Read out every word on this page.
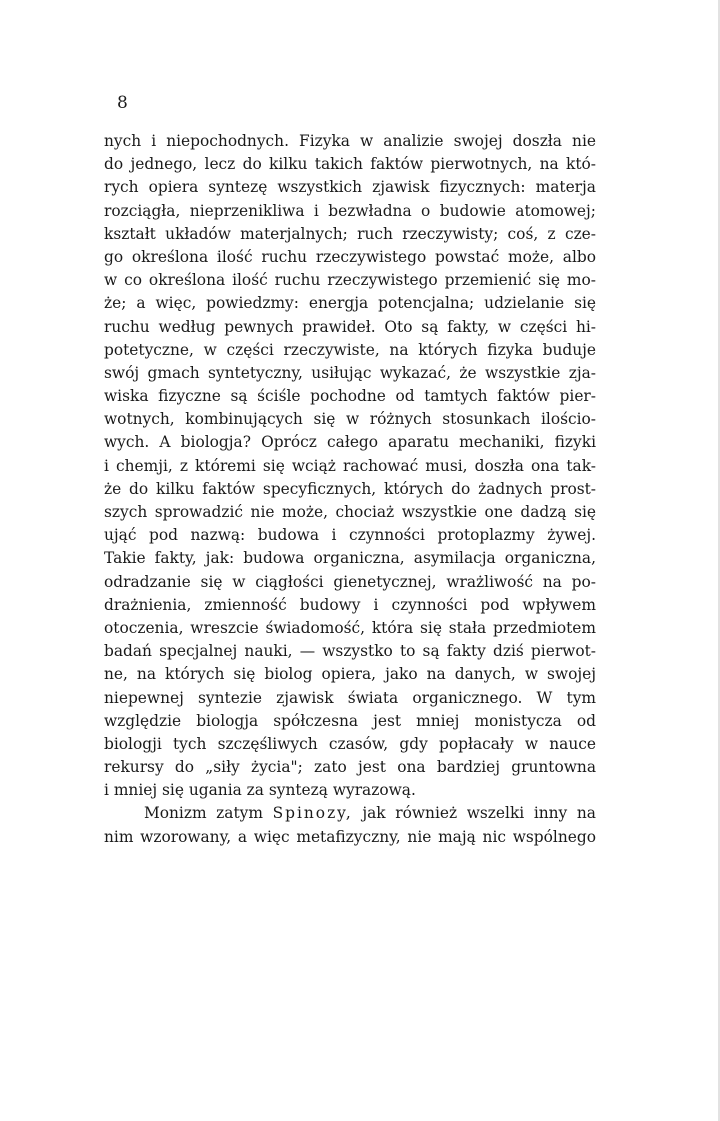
8
nych i niepochodnych. Fizyka w analizie swojej doszła nie
do jednego, lecz do kilku takich faktów pierwotnych, na któ-
rych opiera syntezę wszystkich zjawisk fizycznych: materja
rozciągła, nieprzenikliwa i bezwładna o budowie atomowej;
kształt układów materjalnych; ruch rzeczywisty; coś, z cze-
go określona ilość ruchu rzeczywistego powstać może, albo
w co określona ilość ruchu rzeczywistego przemienić się mo-
że; a więc, powiedzmy: energja potencjalna; udzielanie się
ruchu według pewnych prawideł. Oto są fakty, w części hi-
potetyczne, w części rzeczywiste, na których fizyka buduje
swój gmach syntetyczny, usiłując wykazać, że wszystkie zja-
wiska fizyczne są ściśle pochodne od tamtych faktów pier-
wotnych, kombinujących się w różnych stosunkach ilościo-
wych. A biologja? Oprócz całego aparatu mechaniki, fizyki
i chemji, z któremi się wciąż rachować musi, doszła ona tak-
że do kilku faktów specyficznych, których do żadnych prost-
szych sprowadzić nie może, chociaż wszystkie one dadzą się
ująć pod nazwą: budowa i czynności protoplazmy żywej.
Takie fakty, jak: budowa organiczna, asymilacja organiczna,
odradzanie się w ciągłości gienetycznej, wrażliwość na po-
drażnienia, zmienność budowy i czynności pod wpływem
otoczenia, wreszcie świadomość, która się stała przedmiotem
badań specjalnej nauki, — wszystko to są fakty dziś pierwot-
ne, na których się biolog opiera, jako na danych, w swojej
niepewnej syntezie zjawisk świata organicznego. W tym
względzie biologja spółczesna jest mniej monistycza od
biologji tych szczęśliwych czasów, gdy popłacały w nauce
rekursy do „siły życia"; zato jest ona bardziej gruntowna
i mniej się ugania za syntezą wyrazową.
Monizm zatym Spinozy, jak również wszelki inny na
nim wzorowany, a więc metafizyczny, nie mają nic wspólnego
